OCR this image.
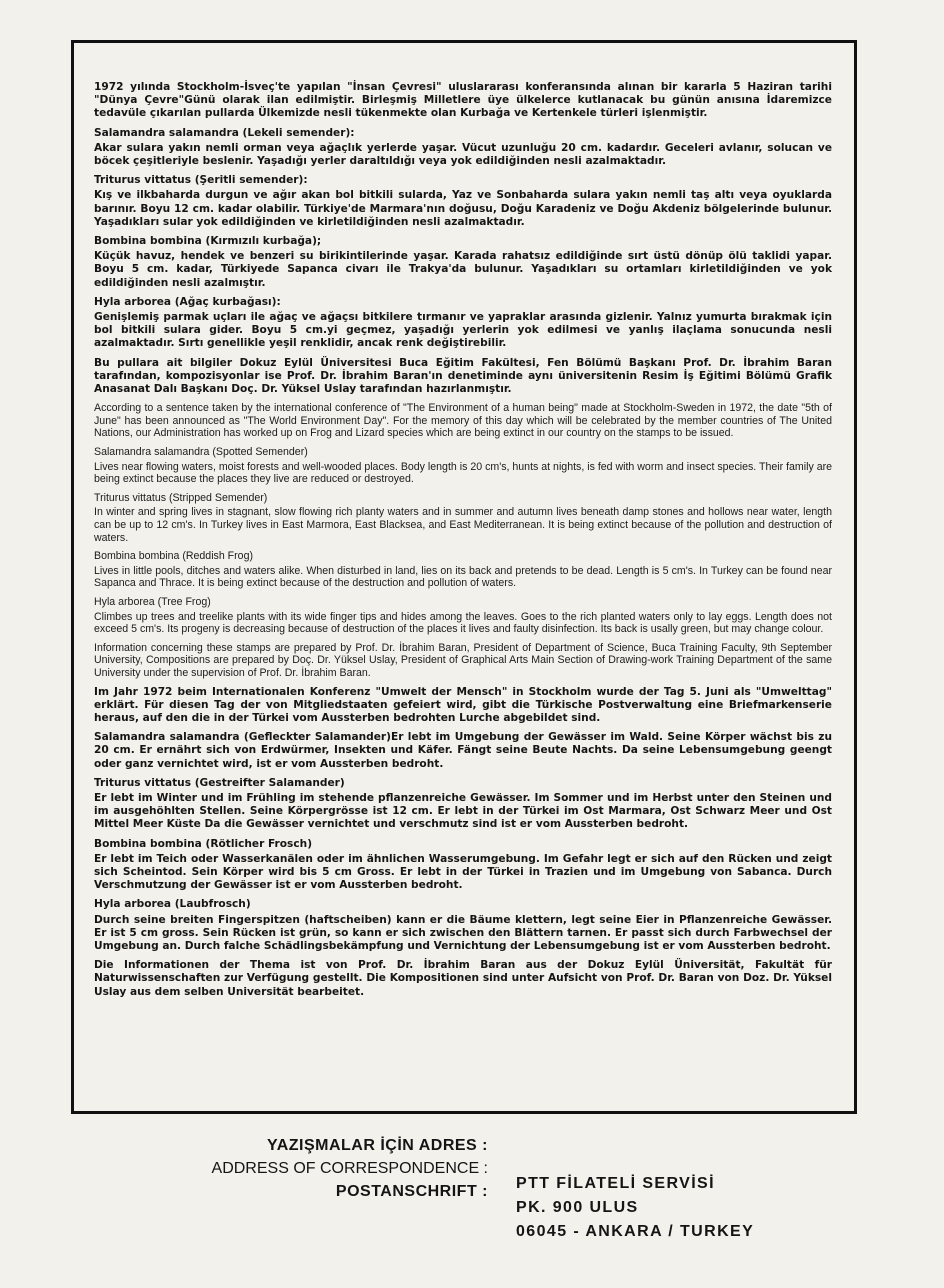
1972 yılında Stockholm-İsveç'te yapılan "İnsan Çevresi" uluslararası konferansında alınan bir kararla 5 Haziran tarihi "Dünya Çevre"Günü olarak ilan edilmiştir. Birleşmiş Milletlere üye ülkelerce kutlanacak bu günün anısına İdaremizce tedavüle çıkarılan pullarda Ülkemizde nesli tükenmekte olan Kurbağa ve Kertenkele türleri işlenmiştir.
Salamandra salamandra (Lekeli semender):
Akar sulara yakın nemli orman veya ağaçlık yerlerde yaşar. Vücut uzunluğu 20 cm. kadardır. Geceleri avlanır, solucan ve böcek çeşitleriyle beslenir. Yaşadığı yerler daraltıldığı veya yok edildiğinden nesli azalmaktadır.
Triturus vittatus (Şeritli semender):
Kış ve ilkbaharda durgun ve ağır akan bol bitkili sularda, Yaz ve Sonbaharda sulara yakın nemli taş altı veya oyuklarda barınır. Boyu 12 cm. kadar olabilir. Türkiye'de Marmara'nın doğusu, Doğu Karadeniz ve Doğu Akdeniz bölgelerinde bulunur. Yaşadıkları sular yok edildiğinden ve kirletildiğinden nesli azalmaktadır.
Bombina bombina (Kırmızılı kurbağa);
Küçük havuz, hendek ve benzeri su birikintilerinde yaşar. Karada rahatsız edildiğinde sırt üstü dönüp ölü taklidi yapar. Boyu 5 cm. kadar, Türkiyede Sapanca civarı ile Trakya'da bulunur. Yaşadıkları su ortamları kirletildiğinden ve yok edildiğinden nesli azalmıştır.
Hyla arborea (Ağaç kurbağası):
Genişlemiş parmak uçları ile ağaç ve ağaçsı bitkilere tırmanır ve yapraklar arasında gizlenir. Yalnız yumurta bırakmak için bol bitkili sulara gider. Boyu 5 cm.yi geçmez, yaşadığı yerlerin yok edilmesi ve yanlış ilaçlama sonucunda nesli azalmaktadır. Sırtı genellikle yeşil renklidir, ancak renk değiştirebilir.
Bu pullara ait bilgiler Dokuz Eylül Üniversitesi Buca Eğitim Fakültesi, Fen Bölümü Başkanı Prof. Dr. İbrahim Baran tarafından, kompozisyonlar ise Prof. Dr. İbrahim Baran'ın denetiminde aynı üniversitenin Resim İş Eğitimi Bölümü Grafik Anasanat Dalı Başkanı Doç. Dr. Yüksel Uslay tarafından hazırlanmıştır.
According to a sentence taken by the international conference of "The Environment of a human being" made at Stockholm-Sweden in 1972, the date "5th of June" has been announced as "The World Environment Day". For the memory of this day which will be celebrated by the member countries of The United Nations, our Administration has worked up on Frog and Lizard species which are being extinct in our country on the stamps to be issued.
Salamandra salamandra (Spotted Semender)
Lives near flowing waters, moist forests and well-wooded places. Body length is 20 cm's, hunts at nights, is fed with worm and insect species. Their family are being extinct because the places they live are reduced or destroyed.
Triturus vittatus (Stripped Semender)
In winter and spring lives in stagnant, slow flowing rich planty waters and in summer and autumn lives beneath damp stones and hollows near water, length can be up to 12 cm's. In Turkey lives in East Marmora, East Blacksea, and East Mediterranean. It is being extinct because of the pollution and destruction of waters.
Bombina bombina (Reddish Frog)
Lives in little pools, ditches and waters alike. When disturbed in land, lies on its back and pretends to be dead. Length is 5 cm's. In Turkey can be found near Sapanca and Thrace. It is being extinct because of the destruction and pollution of waters.
Hyla arborea (Tree Frog)
Climbes up trees and treelike plants with its wide finger tips and hides among the leaves. Goes to the rich planted waters only to lay eggs. Length does not exceed 5 cm's. Its progeny is decreasing because of destruction of the places it lives and faulty disinfection. Its back is usally green, but may change colour.
Information concerning these stamps are prepared by Prof. Dr. İbrahim Baran, President of Department of Science, Buca Training Faculty, 9th September University, Compositions are prepared by Doç. Dr. Yüksel Uslay, President of Graphical Arts Main Section of Drawing-work Training Department of the same University under the supervision of Prof. Dr. İbrahim Baran.
Im Jahr 1972 beim Internationalen Konferenz "Umwelt der Mensch" in Stockholm wurde der Tag 5. Juni als "Umwelttag" erklärt. Für diesen Tag der von Mitgliedstaaten gefeiert wird, gibt die Türkische Postverwaltung eine Briefmarkenserie heraus, auf den die in der Türkei vom Aussterben bedrohten Lurche abgebildet sind.
Salamandra salamandra (Gefleckter Salamander)Er lebt im Umgebung der Gewässer im Wald. Seine Körper wächst bis zu 20 cm. Er ernährt sich von Erdwürmer, Insekten und Käfer. Fängt seine Beute Nachts. Da seine Lebensumgebung geengt oder ganz vernichtet wird, ist er vom Aussterben bedroht.
Triturus vittatus (Gestreifter Salamander)
Er lebt im Winter und im Frühling im stehende pflanzenreiche Gewässer. Im Sommer und im Herbst unter den Steinen und im ausgehöhlten Stellen. Seine Körpergrösse ist 12 cm. Er lebt in der Türkei im Ost Marmara, Ost Schwarz Meer und Ost Mittel Meer Küste Da die Gewässer vernichtet und verschmutz sind ist er vom Aussterben bedroht.
Bombina bombina (Rötlicher Frosch)
Er lebt im Teich oder Wasserkanälen oder im ähnlichen Wasserumgebung. Im Gefahr legt er sich auf den Rücken und zeigt sich Scheintod. Sein Körper wird bis 5 cm Gross. Er lebt in der Türkei in Trazien und im Umgebung von Sabanca. Durch Verschmutzung der Gewässer ist er vom Aussterben bedroht.
Hyla arborea (Laubfrosch)
Durch seine breiten Fingerspitzen (haftscheiben) kann er die Bäume klettern, legt seine Eier in Pflanzenreiche Gewässer. Er ist 5 cm gross. Sein Rücken ist grün, so kann er sich zwischen den Blättern tarnen. Er passt sich durch Farbwechsel der Umgebung an. Durch falche Schädlingsbekämpfung und Vernichtung der Lebensumgebung ist er vom Aussterben bedroht.
Die Informationen der Thema ist von Prof. Dr. İbrahim Baran aus der Dokuz Eylül Üniversität, Fakultät für Naturwissenschaften zur Verfügung gestellt. Die Kompositionen sind unter Aufsicht von Prof. Dr. Baran von Doz. Dr. Yüksel Uslay aus dem selben Universität bearbeitet.
YAZIŞMALAR İÇİN ADRES :
ADDRESS OF CORRESPONDENCE :
POSTANSCHRIFT : PTT FİLATELİ SERVİSİ
PK. 900 ULUS
06045 - ANKARA / TURKEY
